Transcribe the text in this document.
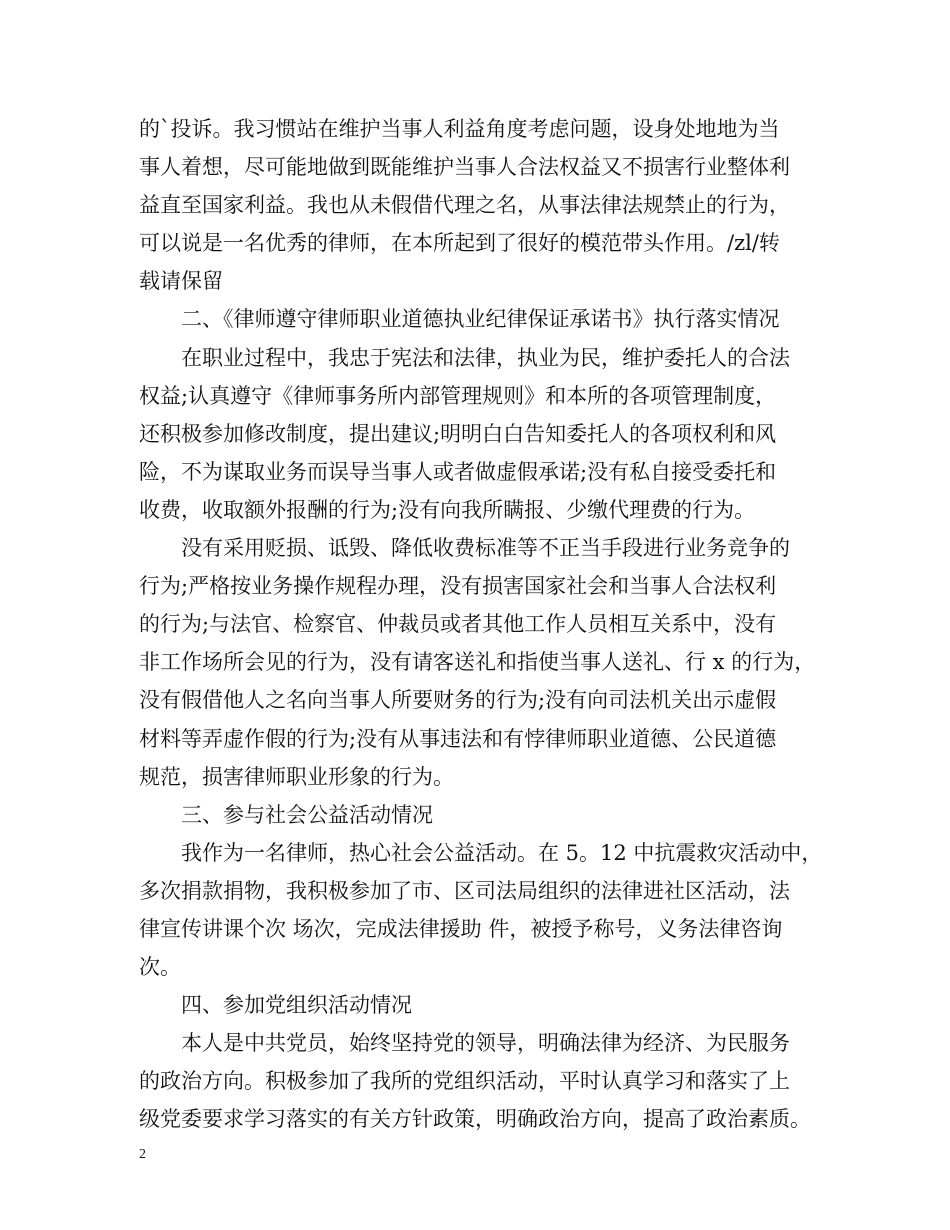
的`投诉。我习惯站在维护当事人利益角度考虑问题，设身处地地为当
事人着想，尽可能地做到既能维护当事人合法权益又不损害行业整体利
益直至国家利益。我也从未假借代理之名，从事法律法规禁止的行为，
可以说是一名优秀的律师，在本所起到了很好的模范带头作用。/zl/转
载请保留
二、《律师遵守律师职业道德执业纪律保证承诺书》执行落实情况
在职业过程中，我忠于宪法和法律，执业为民，维护委托人的合法
权益;认真遵守《律师事务所内部管理规则》和本所的各项管理制度，
还积极参加修改制度，提出建议;明明白白告知委托人的各项权利和风
险，不为谋取业务而误导当事人或者做虚假承诺;没有私自接受委托和
收费，收取额外报酬的行为;没有向我所瞒报、少缴代理费的行为。
没有采用贬损、诋毁、降低收费标准等不正当手段进行业务竞争的
行为;严格按业务操作规程办理，没有损害国家社会和当事人合法权利
的行为;与法官、检察官、仲裁员或者其他工作人员相互关系中，没有
非工作场所会见的行为，没有请客送礼和指使当事人送礼、行 x 的行为，
没有假借他人之名向当事人所要财务的行为;没有向司法机关出示虚假
材料等弄虚作假的行为;没有从事违法和有悖律师职业道德、公民道德
规范，损害律师职业形象的行为。
三、参与社会公益活动情况
我作为一名律师，热心社会公益活动。在 5。12 中抗震救灾活动中，
多次捐款捐物，我积极参加了市、区司法局组织的法律进社区活动，法
律宣传讲课个次 场次，完成法律援助 件，被授予称号，义务法律咨询
次。
四、参加党组织活动情况
本人是中共党员，始终坚持党的领导，明确法律为经济、为民服务
的政治方向。积极参加了我所的党组织活动，平时认真学习和落实了上
级党委要求学习落实的有关方针政策，明确政治方向，提高了政治素质。
2
